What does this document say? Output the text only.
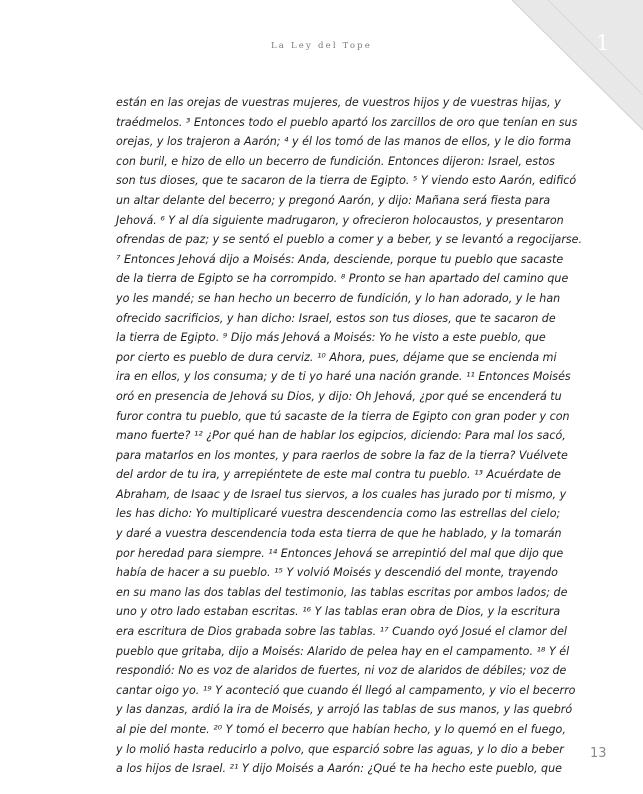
1
La Ley del Tope
están en las orejas de vuestras mujeres, de vuestros hijos y de vuestras hijas, y
traédmelos. ³ Entonces todo el pueblo apartó los zarcillos de oro que tenían en sus
orejas, y los trajeron a Aarón; ⁴ y él los tomó de las manos de ellos, y le dio forma
con buril, e hizo de ello un becerro de fundición. Entonces dijeron: Israel, estos
son tus dioses, que te sacaron de la tierra de Egipto. ⁵ Y viendo esto Aarón, edificó
un altar delante del becerro; y pregonó Aarón, y dijo: Mañana será fiesta para
Jehová. ⁶ Y al día siguiente madrugaron, y ofrecieron holocaustos, y presentaron
ofrendas de paz; y se sentó el pueblo a comer y a beber, y se levantó a regocijarse.
⁷ Entonces Jehová dijo a Moisés: Anda, desciende, porque tu pueblo que sacaste
de la tierra de Egipto se ha corrompido. ⁸ Pronto se han apartado del camino que
yo les mandé; se han hecho un becerro de fundición, y lo han adorado, y le han
ofrecido sacrificios, y han dicho: Israel, estos son tus dioses, que te sacaron de
la tierra de Egipto. ⁹ Dijo más Jehová a Moisés: Yo he visto a este pueblo, que
por cierto es pueblo de dura cerviz. ¹⁰ Ahora, pues, déjame que se encienda mi
ira en ellos, y los consuma; y de ti yo haré una nación grande. ¹¹ Entonces Moisés
oró en presencia de Jehová su Dios, y dijo: Oh Jehová, ¿por qué se encenderá tu
furor contra tu pueblo, que tú sacaste de la tierra de Egipto con gran poder y con
mano fuerte? ¹² ¿Por qué han de hablar los egipcios, diciendo: Para mal los sacó,
para matarlos en los montes, y para raerlos de sobre la faz de la tierra? Vuélvete
del ardor de tu ira, y arrepiéntete de este mal contra tu pueblo. ¹³ Acuérdate de
Abraham, de Isaac y de Israel tus siervos, a los cuales has jurado por ti mismo, y
les has dicho: Yo multiplicaré vuestra descendencia como las estrellas del cielo;
y daré a vuestra descendencia toda esta tierra de que he hablado, y la tomarán
por heredad para siempre. ¹⁴ Entonces Jehová se arrepintió del mal que dijo que
había de hacer a su pueblo. ¹⁵ Y volvió Moisés y descendió del monte, trayendo
en su mano las dos tablas del testimonio, las tablas escritas por ambos lados; de
uno y otro lado estaban escritas. ¹⁶ Y las tablas eran obra de Dios, y la escritura
era escritura de Dios grabada sobre las tablas. ¹⁷ Cuando oyó Josué el clamor del
pueblo que gritaba, dijo a Moisés: Alarido de pelea hay en el campamento. ¹⁸ Y él
respondió: No es voz de alaridos de fuertes, ni voz de alaridos de débiles; voz de
cantar oigo yo. ¹⁹ Y aconteció que cuando él llegó al campamento, y vio el becerro
y las danzas, ardió la ira de Moisés, y arrojó las tablas de sus manos, y las quebró
al pie del monte. ²⁰ Y tomó el becerro que habían hecho, y lo quemó en el fuego,
y lo molió hasta reducirlo a polvo, que esparció sobre las aguas, y lo dio a beber
a los hijos de Israel. ²¹ Y dijo Moisés a Aarón: ¿Qué te ha hecho este pueblo, que
13
